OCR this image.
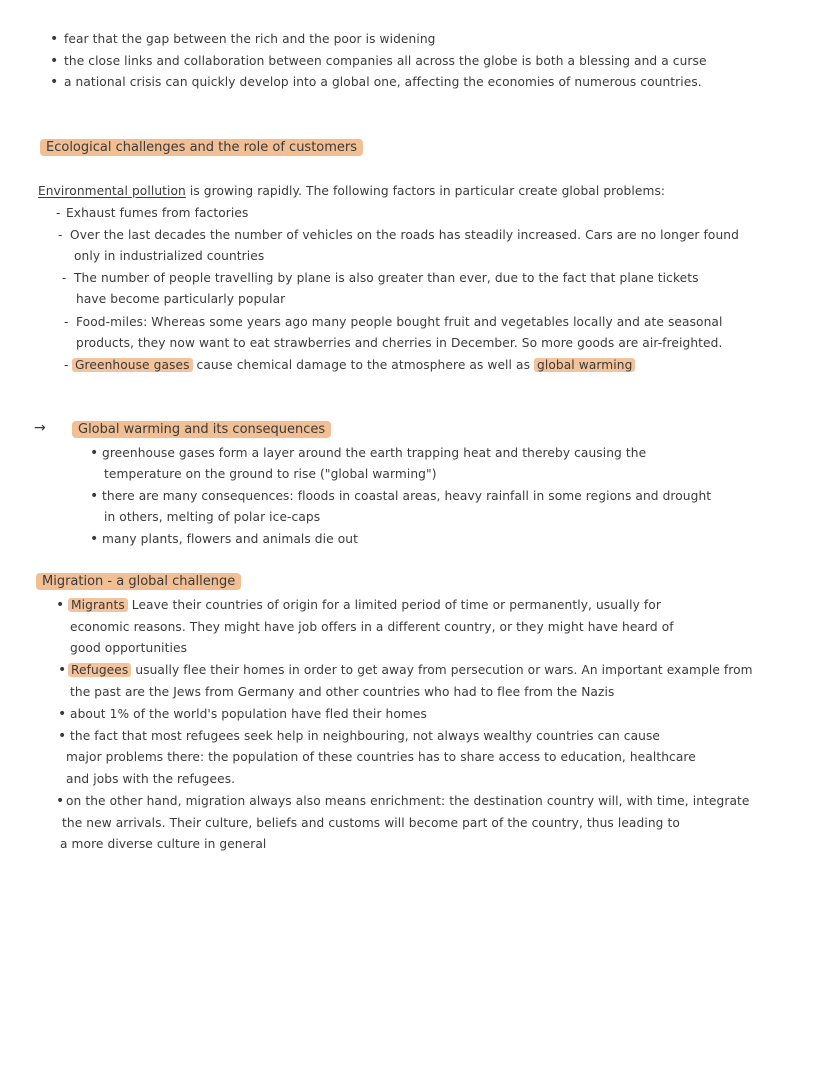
• fear that the gap between the rich and the poor is widening
• the close links and collaboration between companies all across the globe is both a blessing and a curse
• a national crisis can quickly develop into a global one, affecting the economies of numerous countries.
Ecological challenges and the role of customers
Environmental pollution is growing rapidly. The following factors in particular create global problems:
- Exhaust fumes from factories
- Over the last decades the number of vehicles on the roads has steadily increased. Cars are no longer found
only in industrialized countries
- The number of people travelling by plane is also greater than ever, due to the fact that plane tickets
have become particularly popular
- Food-miles: Whereas some years ago many people bought fruit and vegetables locally and ate seasonal
products, they now want to eat strawberries and cherries in December. So more goods are air-freighted.
- Greenhouse gases cause chemical damage to the atmosphere as well as global warming
→	Global warming and its consequences
• greenhouse gases form a layer around the earth trapping heat and thereby causing the
temperature on the ground to rise ("global warming")
• there are many consequences: floods in coastal areas, heavy rainfall in some regions and drought
in others, melting of polar ice-caps
• many plants, flowers and animals die out
Migration - a global challenge
• Migrants Leave their countries of origin for a limited period of time or permanently, usually for
economic reasons. They might have job offers in a different country, or they might have heard of
good opportunities
• Refugees usually flee their homes in order to get away from persecution or wars. An important example from
the past are the Jews from Germany and other countries who had to flee from the Nazis
• about 1% of the world's population have fled their homes
• the fact that most refugees seek help in neighbouring, not always wealthy countries can cause
major problems there: the population of these countries has to share access to education, healthcare
and jobs with the refugees.
• on the other hand, migration always also means enrichment: the destination country will, with time, integrate
the new arrivals. Their culture, beliefs and customs will become part of the country, thus leading to
a more diverse culture in general
